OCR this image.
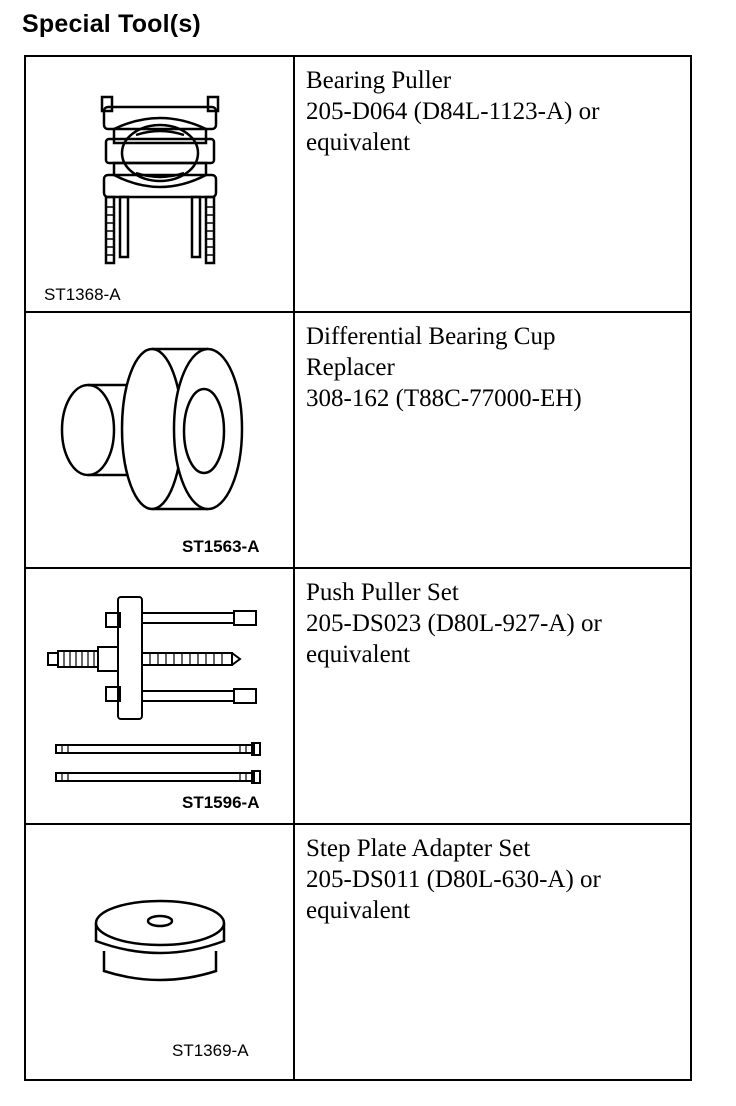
Special Tool(s)
ST1368-A	Bearing Puller
205-D064 (D84L-1123-A) or
equivalent

ST1563-A	Differential Bearing Cup
Replacer
308-162 (T88C-77000-EH)

ST1596-A	Push Puller Set
205-DS023 (D80L-927-A) or
equivalent

ST1369-A	Step Plate Adapter Set
205-DS011 (D80L-630-A) or
equivalent
